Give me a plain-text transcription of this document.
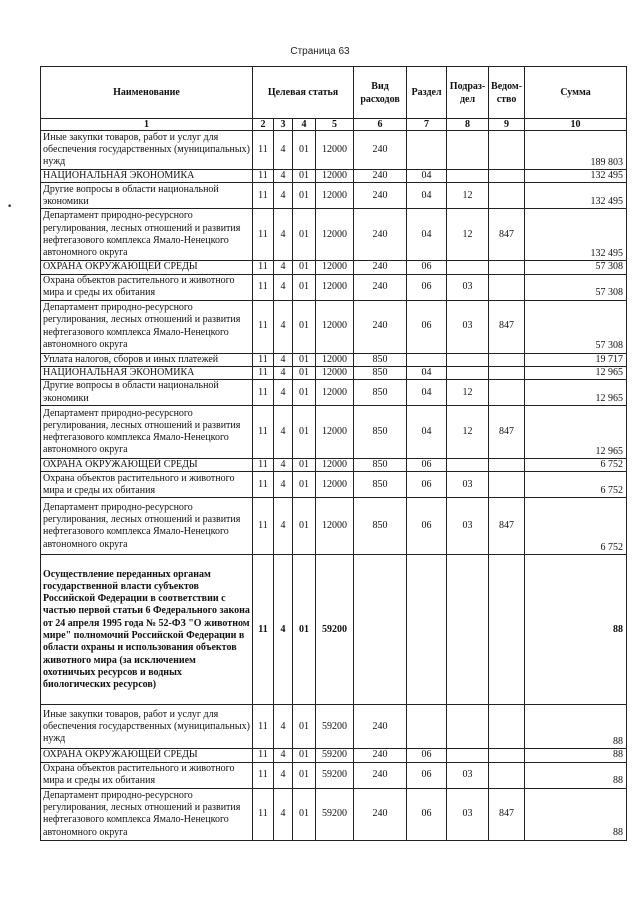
Страница 63
•
Наименование	Целевая статья				Вид расходов	Раздел	Подраз-дел	Ведом-ство	Сумма
1	2	3	4	5	6	7	8	9	10
Иные закупки товаров, работ и услуг для обеспечения государственных (муниципальных) нужд	11	4	01	12000	240				189 803
НАЦИОНАЛЬНАЯ ЭКОНОМИКА	11	4	01	12000	240	04			132 495
Другие вопросы в области национальной экономики	11	4	01	12000	240	04	12		132 495
Департамент природно-ресурсного регулирования, лесных отношений и развития нефтегазового комплекса Ямало-Ненецкого автономного округа	11	4	01	12000	240	04	12	847	132 495
ОХРАНА ОКРУЖАЮЩЕЙ СРЕДЫ	11	4	01	12000	240	06			57 308
Охрана объектов растительного и животного мира и среды их обитания	11	4	01	12000	240	06	03		57 308
Департамент природно-ресурсного регулирования, лесных отношений и развития нефтегазового комплекса Ямало-Ненецкого автономного округа	11	4	01	12000	240	06	03	847	57 308
Уплата налогов, сборов и иных платежей	11	4	01	12000	850				19 717
НАЦИОНАЛЬНАЯ ЭКОНОМИКА	11	4	01	12000	850	04			12 965
Другие вопросы в области национальной экономики	11	4	01	12000	850	04	12		12 965
Департамент природно-ресурсного регулирования, лесных отношений и развития нефтегазового комплекса Ямало-Ненецкого автономного округа	11	4	01	12000	850	04	12	847	12 965
ОХРАНА ОКРУЖАЮЩЕЙ СРЕДЫ	11	4	01	12000	850	06			6 752
Охрана объектов растительного и животного мира и среды их обитания	11	4	01	12000	850	06	03		6 752
Департамент природно-ресурсного регулирования, лесных отношений и развития нефтегазового комплекса Ямало-Ненецкого автономного округа	11	4	01	12000	850	06	03	847	6 752
Осуществление переданных органам государственной власти субъектов Российской Федерации в соответствии с частью первой статьи 6 Федерального закона от 24 апреля 1995 года № 52-ФЗ "О животном мире" полномочий Российской Федерации в области охраны и использования объектов животного мира (за исключением охотничьих ресурсов и водных биологических ресурсов)	11	4	01	59200					88
Иные закупки товаров, работ и услуг для обеспечения государственных (муниципальных) нужд	11	4	01	59200	240				88
ОХРАНА ОКРУЖАЮЩЕЙ СРЕДЫ	11	4	01	59200	240	06			88
Охрана объектов растительного и животного мира и среды их обитания	11	4	01	59200	240	06	03		88
Департамент природно-ресурсного регулирования, лесных отношений и развития нефтегазового комплекса Ямало-Ненецкого автономного округа	11	4	01	59200	240	06	03	847	88
